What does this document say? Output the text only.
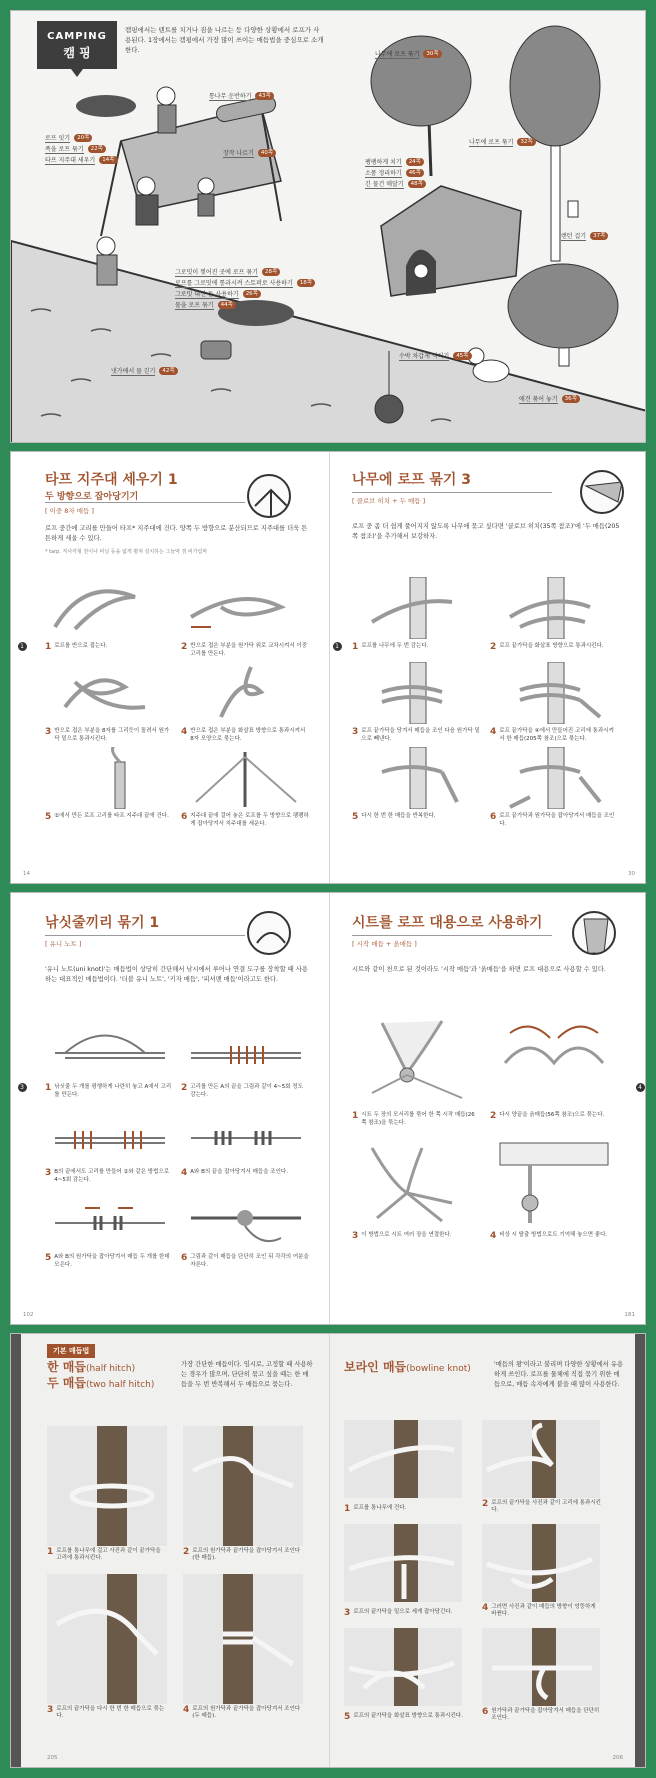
CAMPING
캠 핑

캠핑에서는 텐트를 치거나 짐을 나르는 등 다양한 상황에서 로프가 사용된다. 1장에서는 캠핑에서 가장 많이 쓰이는 매듭법을 중심으로 소개한다.

통나무 운반하기	43쪽
로프 잇기	20쪽
폭을 로프 묶기	22쪽
타프 지주대 세우기	14쪽
장작 나르기	40쪽
그로밋이 찢어진 곳에 로프 묶기	28쪽
로프를 그로밋에 통과시켜 스토퍼로 사용하기	18쪽
그로밋 대신 돌 사용하기	26쪽
물을 로프 묶기	44쪽
냇가에서 물 긷기	42쪽
나무에 로프 묶기	30쪽
나무에 로프 묶기	32쪽
팽팽하게 치기	24쪽
소품 정리하기	46쪽
긴 물건 매달기	48쪽
랜턴 걸기	37쪽
수박 차갑게 식히기	45쪽
애견 묶어 놓기	36쪽
1
타프 지주대 세우기 1
두 방향으로 잡아당기기
[ 이중 8자 매듭 ]

로프 중간에 고리를 만들어 타프* 지주대에 건다. 양쪽 두 방향으로 분산되므로 지주대를 더욱 튼튼하게 세울 수 있다.

* tarp. 직사각형 천이나 비닐 등을 넓게 펼쳐 설치하는 그늘막 겸 비가림막

1 로프를 반으로 접는다.	2 반으로 접은 부분을 원가닥 위로 교차시켜서 이중 고리를 만든다.
3 반으로 접은 부분을 8자를 그리듯이 돌려서 원가닥 밑으로 통과시킨다.
4 반으로 접은 부분을 화살표 방향으로 통과시켜서 8자 모양으로 묶는다.
5 ①에서 만든 로프 고리를 타프 지주대 끝에 건다. 6 지주대 끝에 걸어 놓은 로프를 두 방향으로 팽팽하게 잡아당겨서 지주대를 세운다.
14
1
나무에 로프 묶기 3
[ 클로브 히치 + 두 매듭 ]

로프 중 좀 더 쉽게 풀어지지 않도록 나무에 묶고 싶다면 '클로브 히치(35쪽 참조)'에 '두 매듭(205쪽 참조)'을 추가해서 보강하자.

1 로프를 나무에 두 번 감는다.	2 로프 끝가닥을 화살표 방향으로 통과시킨다.
3 로프 끝가닥을 당겨서 매듭을 조인 다음 원가닥 밑으로 빼낸다.
4 로프 끝가닥을 ④에서 만들어진 고리에 통과시켜서 한 매듭(205쪽 참조)으로 묶는다.
5 다시 한 번 한 매듭을 반복한다.	6 로프 끝가닥과 원가닥을 잡아당겨서 매듭을 조인다.
30
3
낚싯줄끼리 묶기 1
[ 유니 노트 ]

'유니 노트(uni knot)'는 매듭법이 상당히 간단해서 낚시에서 루어나 연결 도구를 장착할 때 사용하는 대표적인 매듭법이다. '더블 유니 노트', '키자 매듭', '피셔맨 매듭'이라고도 한다.

1 낚싯줄 두 개를 평행하게 나란히 놓고 A에서 고리를 만든다.
2 고리를 만든 A의 끝을 그림과 같이 4~5회 정도 감는다.
3 B의 끝에서도 고리를 만들어 ②와 같은 방법으로 4~5회 감는다.
4 A와 B의 끝을 잡아당겨서 매듭을 조인다.
5 A와 B의 원가닥을 잡아당겨서 매듭 두 개를 한데 모은다.
6 그림과 같이 매듭을 단단히 조인 뒤 각각의 여분을 자른다.
102
4
시트를 로프 대용으로 사용하기
[ 시작 매듭 + 옭매듭 ]

시트와 같이 천으로 된 것이라도 '시작 매듭'과 '옭매듭'을 하면 로프 대용으로 사용할 수 있다.

1 시트 두 장의 모서리를 묶어 한 쪽 시작 매듭(26쪽 참조)을 묶는다.
2 다시 양끝을 옭매듭(56쪽 참조)으로 묶는다.
3 이 방법으로 시트 여러 장을 연결한다.	4 비상 시 탈출 방법으로도 기억해 놓으면 좋다.
181
기본 매듭법
한 매듭(half hitch)
두 매듭(two half hitch)

가장 간단한 매듭이다. 임시로, 고정할 때 사용하는 경우가 많으며, 단단히 묶고 싶을 때는 한 매듭을 두 번 반복해서 두 매듭으로 묶는다.

1 로프를 통나무에 걸고 사진과 같이 끝가닥을 고리에 통과시킨다.
2 로프의 원가닥과 끝가닥을 잡아당겨서 조인다(한 매듭).
3 로프의 끝가닥을 다시 한 번 한 매듭으로 묶는다.
4 로프의 원가닥과 끝가닥을 잡아당겨서 조인다(두 매듭).
205
보라인 매듭(bowline knot)	'매듭의 왕'이라고 불리며 다양한 상황에서 유용하게 쓰인다. 로프를 물체에 직접 묶기 위한 매듭으로, 매듭 속자에게 붙을 때 많이 사용한다.

1 로프를 통나무에 건다.	2 로프의 끝가닥을 사진과 같이 고리에 통과시킨다.
3 로프의 끝가닥을 밑으로 세게 잡아당긴다.	4 그러면 사진과 같이 매듭의 방향이 엉뚱하게 바뀐다.
5 로프의 끝가닥을 화살표 방향으로 통과시킨다. 6 원가닥과 끝가닥을 잡아당겨서 매듭을 단단히 조인다.
206
